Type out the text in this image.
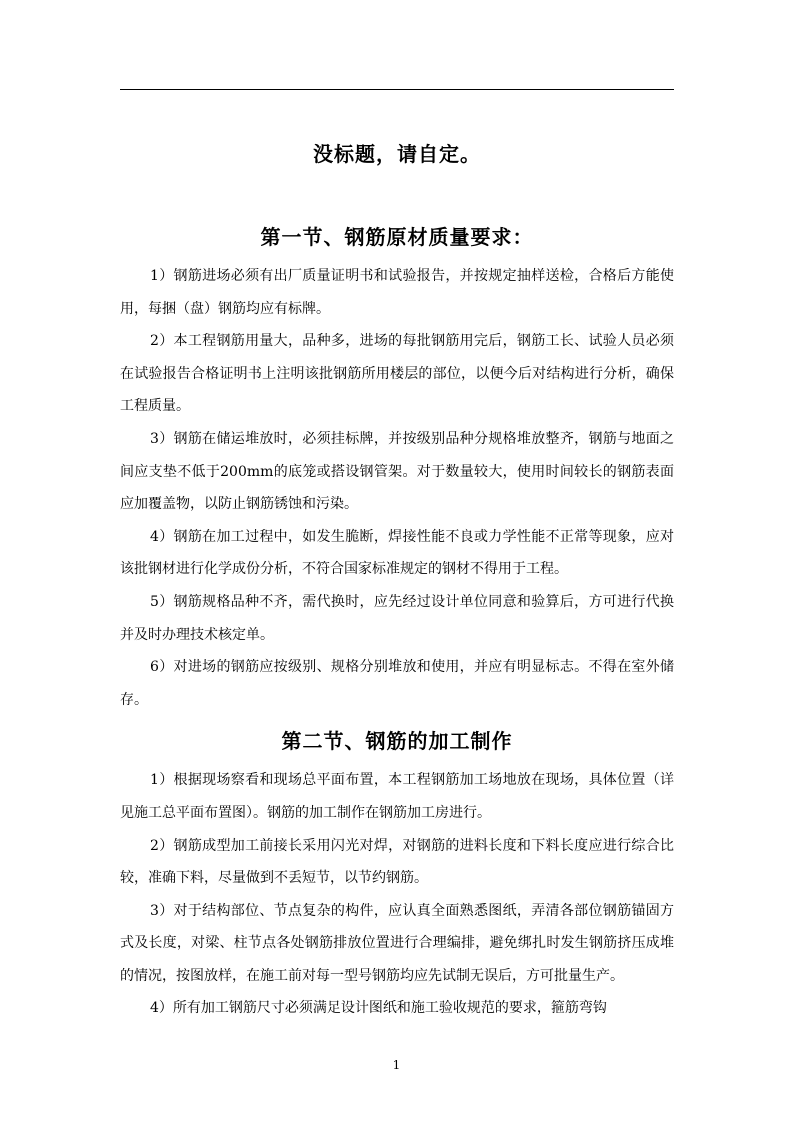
没标题，请自定。
第一节、钢筋原材质量要求：

1）钢筋进场必须有出厂质量证明书和试验报告，并按规定抽样送检，合格后方能使用，每捆（盘）钢筋均应有标牌。

2）本工程钢筋用量大，品种多，进场的每批钢筋用完后，钢筋工长、试验人员必须在试验报告合格证明书上注明该批钢筋所用楼层的部位，以便今后对结构进行分析，确保工程质量。

3）钢筋在储运堆放时，必须挂标牌，并按级别品种分规格堆放整齐，钢筋与地面之间应支垫不低于200mm的底笼或搭设钢管架。对于数量较大，使用时间较长的钢筋表面应加覆盖物，以防止钢筋锈蚀和污染。

4）钢筋在加工过程中，如发生脆断，焊接性能不良或力学性能不正常等现象，应对该批钢材进行化学成份分析，不符合国家标准规定的钢材不得用于工程。

5）钢筋规格品种不齐，需代换时，应先经过设计单位同意和验算后，方可进行代换并及时办理技术核定单。

6）对进场的钢筋应按级别、规格分别堆放和使用，并应有明显标志。不得在室外储存。

第二节、钢筋的加工制作

1）根据现场察看和现场总平面布置，本工程钢筋加工场地放在现场，具体位置（详见施工总平面布置图）。钢筋的加工制作在钢筋加工房进行。

2）钢筋成型加工前接长采用闪光对焊，对钢筋的进料长度和下料长度应进行综合比较，准确下料，尽量做到不丢短节，以节约钢筋。

3）对于结构部位、节点复杂的构件，应认真全面熟悉图纸，弄清各部位钢筋锚固方式及长度，对梁、柱节点各处钢筋排放位置进行合理编排，避免绑扎时发生钢筋挤压成堆的情况，按图放样，在施工前对每一型号钢筋均应先试制无误后，方可批量生产。

4）所有加工钢筋尺寸必须满足设计图纸和施工验收规范的要求，箍筋弯钩

1
